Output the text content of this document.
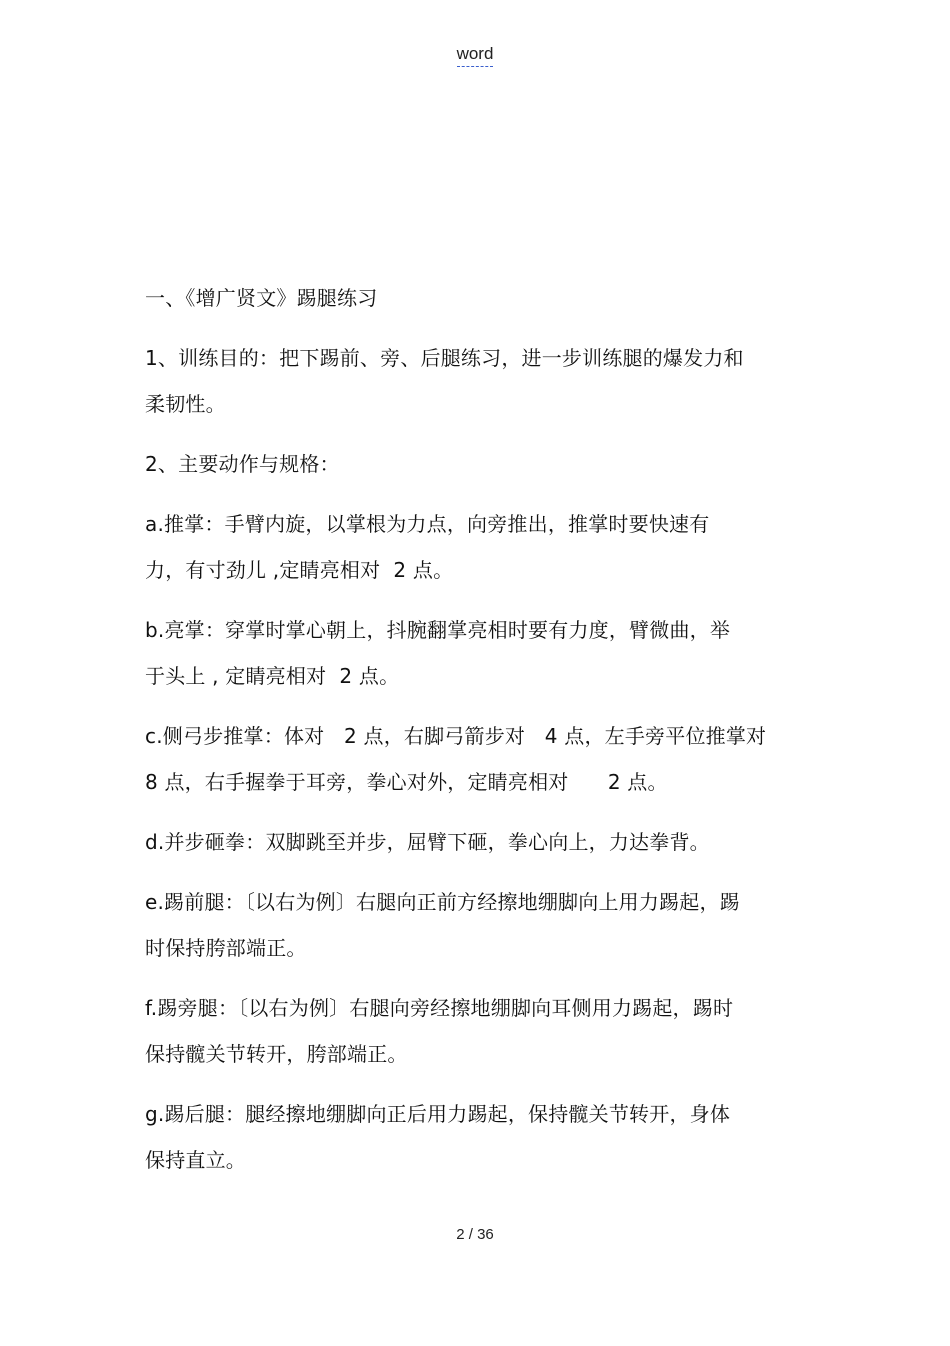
word
一、《增广贤文》踢腿练习
1、训练目的：把下踢前、旁、后腿练习，进一步训练腿的爆发力和
柔韧性。
2、主要动作与规格：
a.推掌：手臂内旋，以掌根为力点，向旁推出，推掌时要快速有
力，有寸劲儿 ,定睛亮相对  2 点。
b.亮掌：穿掌时掌心朝上，抖腕翻掌亮相时要有力度，臂微曲，举
于头上 , 定睛亮相对  2 点。
c.侧弓步推掌：体对   2 点，右脚弓箭步对   4 点，左手旁平位推掌对
8 点，右手握拳于耳旁，拳心对外，定睛亮相对      2 点。
d.并步砸拳：双脚跳至并步，屈臂下砸，拳心向上，力达拳背。
e.踢前腿：〔以右为例〕右腿向正前方经擦地绷脚向上用力踢起，踢
时保持胯部端正。
f.踢旁腿：〔以右为例〕右腿向旁经擦地绷脚向耳侧用力踢起，踢时
保持髋关节转开，胯部端正。
g.踢后腿：腿经擦地绷脚向正后用力踢起，保持髋关节转开，身体
保持直立。
2 / 36
